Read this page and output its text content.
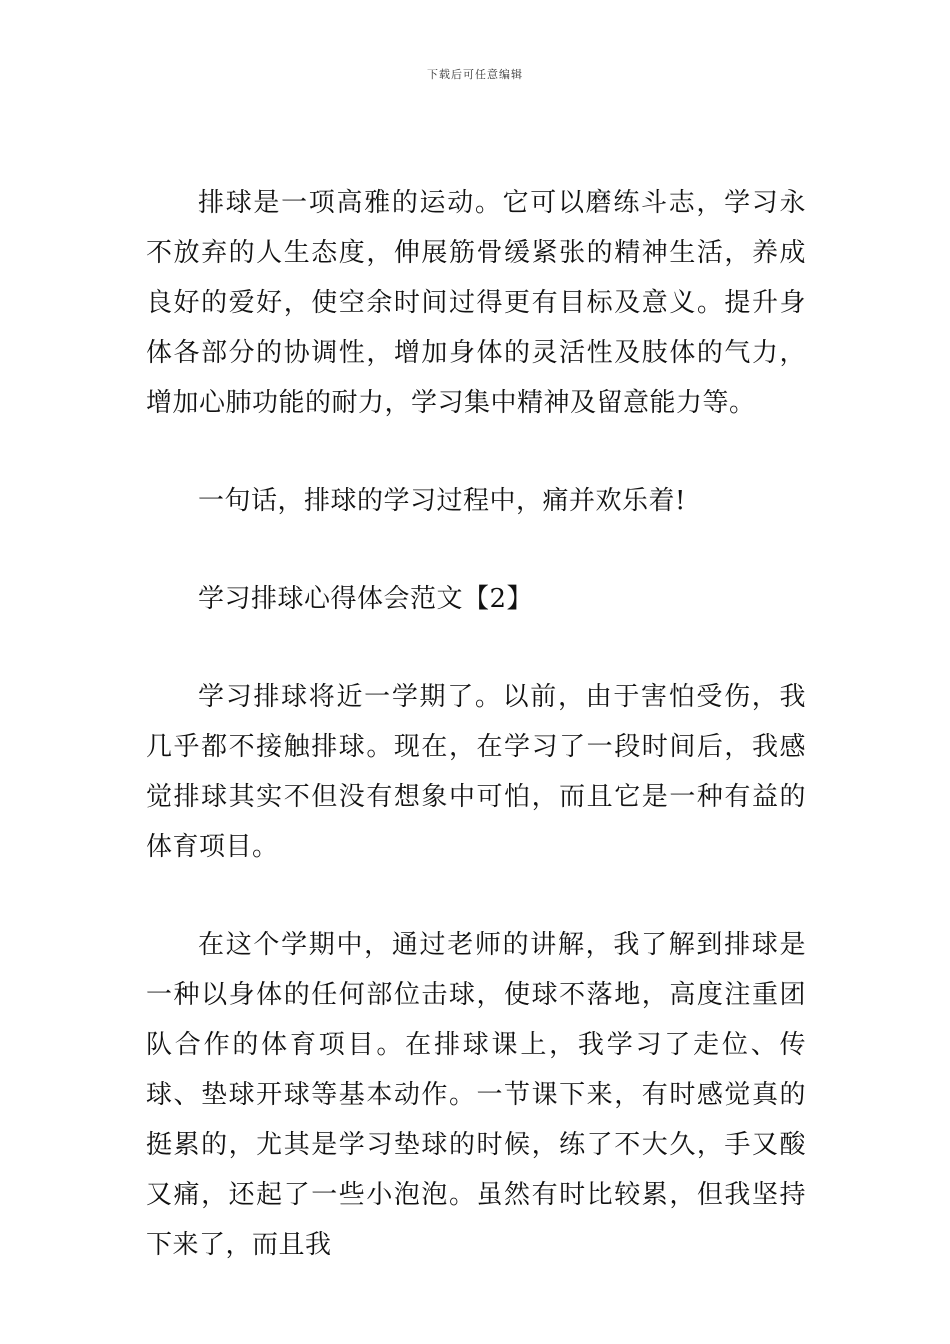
下载后可任意编辑

排球是一项高雅的运动。它可以磨练斗志，学习永不放弃的人生态度，伸展筋骨缓紧张的精神生活，养成良好的爱好，使空余时间过得更有目标及意义。提升身体各部分的协调性，增加身体的灵活性及肢体的气力，增加心肺功能的耐力，学习集中精神及留意能力等。

一句话，排球的学习过程中，痛并欢乐着!

学习排球心得体会范文【2】

学习排球将近一学期了。以前，由于害怕受伤，我几乎都不接触排球。现在，在学习了一段时间后，我感觉排球其实不但没有想象中可怕，而且它是一种有益的体育项目。

在这个学期中，通过老师的讲解，我了解到排球是一种以身体的任何部位击球，使球不落地，高度注重团队合作的体育项目。在排球课上，我学习了走位、传球、垫球开球等基本动作。一节课下来，有时感觉真的挺累的，尤其是学习垫球的时候，练了不大久，手又酸又痛，还起了一些小泡泡。虽然有时比较累，但我坚持下来了，而且我
